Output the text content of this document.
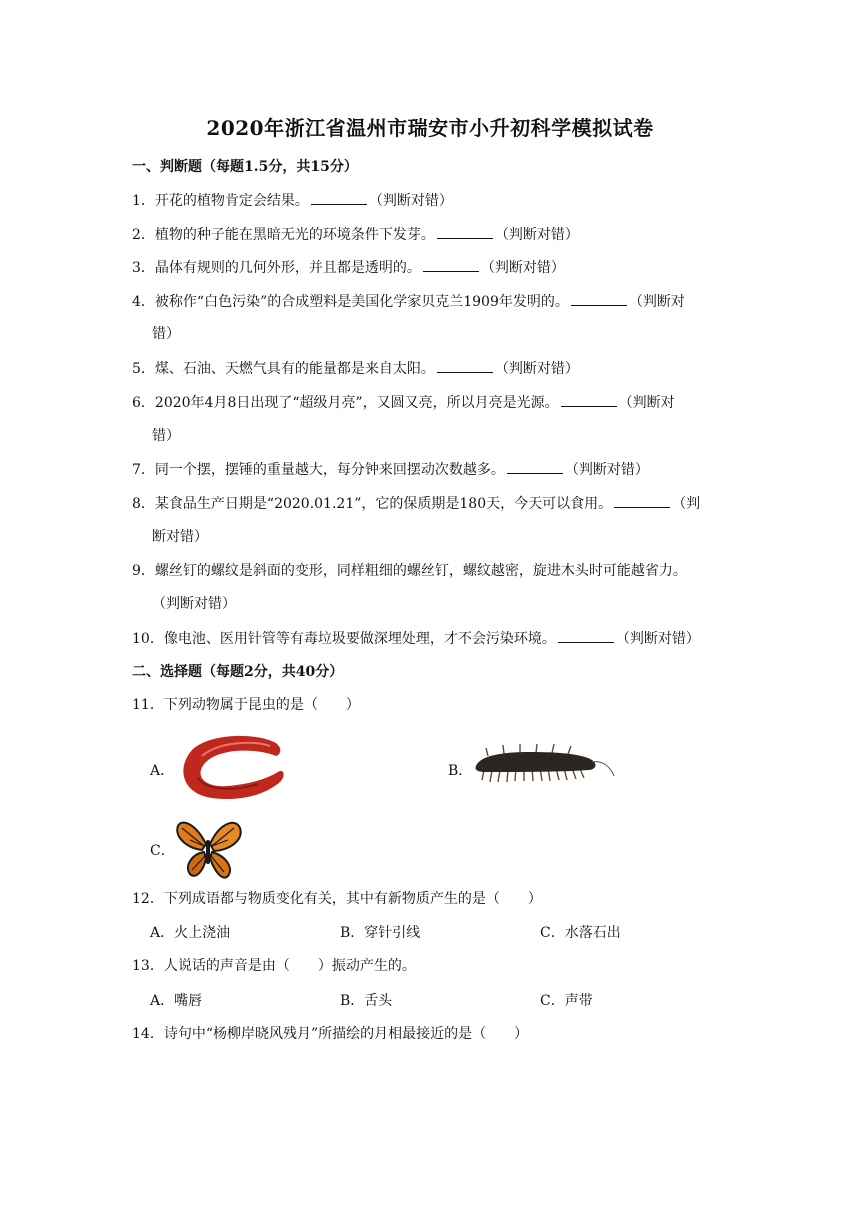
2020年浙江省温州市瑞安市小升初科学模拟试卷
一、判断题（每题1.5分，共15分）
1．开花的植物肯定会结果。	（判断对错）
2．植物的种子能在黑暗无光的环境条件下发芽。	（判断对错）
3．晶体有规则的几何外形，并且都是透明的。	（判断对错）
4．被称作“白色污染”的合成塑料是美国化学家贝克兰1909年发明的。	（判断对
错）
5．煤、石油、天燃气具有的能量都是来自太阳。	（判断对错）
6．2020年4月8日出现了“超级月亮”，又圆又亮，所以月亮是光源。	（判断对
错）
7．同一个摆，摆锤的重量越大，每分钟来回摆动次数越多。	（判断对错）
8．某食品生产日期是“2020.01.21”，它的保质期是180天，今天可以食用。	（判
断对错）
9．螺丝钉的螺纹是斜面的变形，同样粗细的螺丝钉，螺纹越密，旋进木头时可能越省力。
（判断对错）
10．像电池、医用针管等有毒垃圾要做深埋处理，才不会污染环境。	（判断对错）
二、选择题（每题2分，共40分）
11．下列动物属于昆虫的是（　　）
A．	B．
C．
12．下列成语都与物质变化有关，其中有新物质产生的是（　　）
A．火上浇油	B．穿针引线	C．水落石出
13．人说话的声音是由（　　）振动产生的。
A．嘴唇	B．舌头	C．声带
14．诗句中“杨柳岸晓风残月”所描绘的月相最接近的是（　　）
